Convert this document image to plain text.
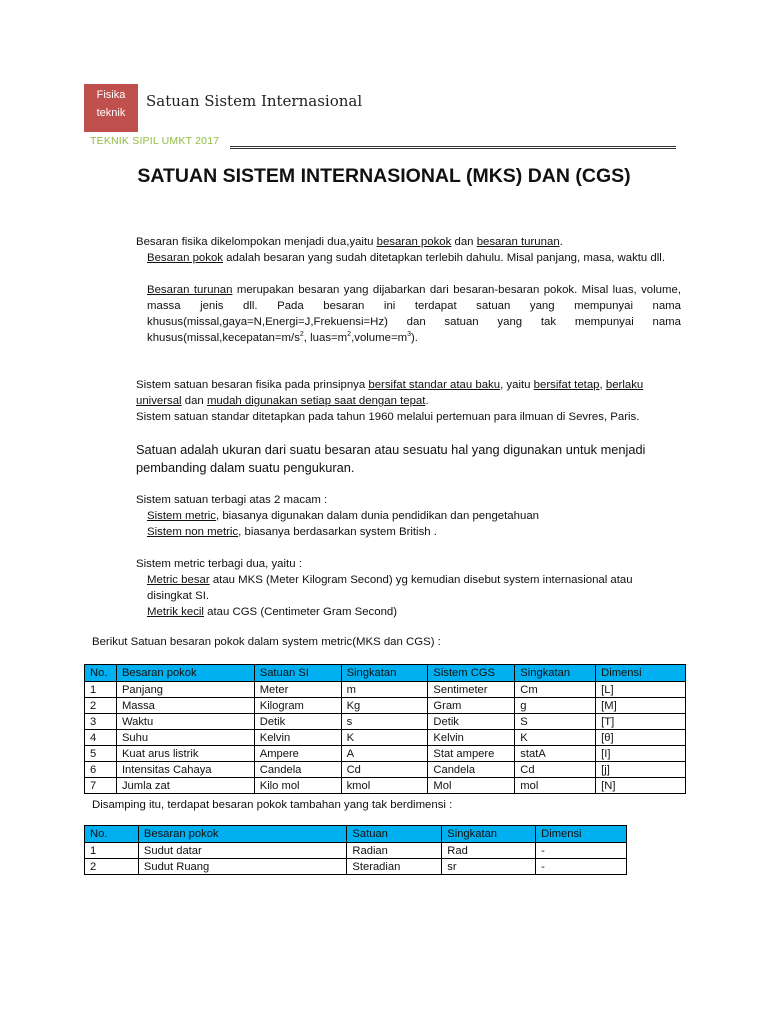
Fisika
teknik
Satuan Sistem Internasional
TEKNIK SIPIL UMKT 2017
SATUAN SISTEM INTERNASIONAL (MKS) DAN (CGS)
Besaran fisika dikelompokan menjadi dua,yaitu besaran pokok dan besaran turunan.
Besaran pokok adalah besaran yang sudah ditetapkan terlebih dahulu. Misal panjang, masa, waktu dll.
Besaran turunan merupakan besaran yang dijabarkan dari besaran-besaran pokok. Misal luas, volume, massa jenis dll. Pada besaran ini terdapat satuan yang mempunyai nama khusus(missal,gaya=N,Energi=J,Frekuensi=Hz) dan satuan yang tak mempunyai nama $khusus(missal,kecepatan=m/s^2$, $luas=m^2,volume=m^3$).
Sistem satuan besaran fisika pada prinsipnya bersifat standar atau baku, yaitu bersifat tetap, berlaku universal dan mudah digunakan setiap saat dengan tepat.
Sistem satuan standar ditetapkan pada tahun 1960 melalui pertemuan para ilmuan di Sevres, Paris.
Satuan adalah ukuran dari suatu besaran atau sesuatu hal yang digunakan untuk menjadi pembanding dalam suatu pengukuran.
Sistem satuan terbagi atas 2 macam :
Sistem metric, biasanya digunakan dalam dunia pendidikan dan pengetahuan
Sistem non metric, biasanya berdasarkan system British .
Sistem metric terbagi dua, yaitu :
Metric besar atau MKS (Meter Kilogram Second) yg kemudian disebut system internasional atau disingkat SI.
Metrik kecil atau CGS (Centimeter Gram Second)
Berikut Satuan besaran pokok dalam system metric(MKS dan CGS) :
No.	Besaran pokok	Satuan SI	Singkatan	Sistem CGS	Singkatan	Dimensi
1	Panjang	Meter	m	Sentimeter	Cm	[L]
2	Massa	Kilogram	Kg	Gram	g	[M]
3	Waktu	Detik	s	Detik	S	[T]
4	Suhu	Kelvin	K	Kelvin	K	[θ]
5	Kuat arus listrik	Ampere	A	Stat ampere	statA	[I]
6	Intensitas Cahaya	Candela	Cd	Candela	Cd	[j]
7	Jumla zat	Kilo mol	kmol	Mol	mol	[N]
Disamping itu, terdapat besaran pokok tambahan yang tak berdimensi :
No.	Besaran pokok	Satuan	Singkatan	Dimensi
1	Sudut datar	Radian	Rad	-
2	Sudut Ruang	Steradian	sr	-
